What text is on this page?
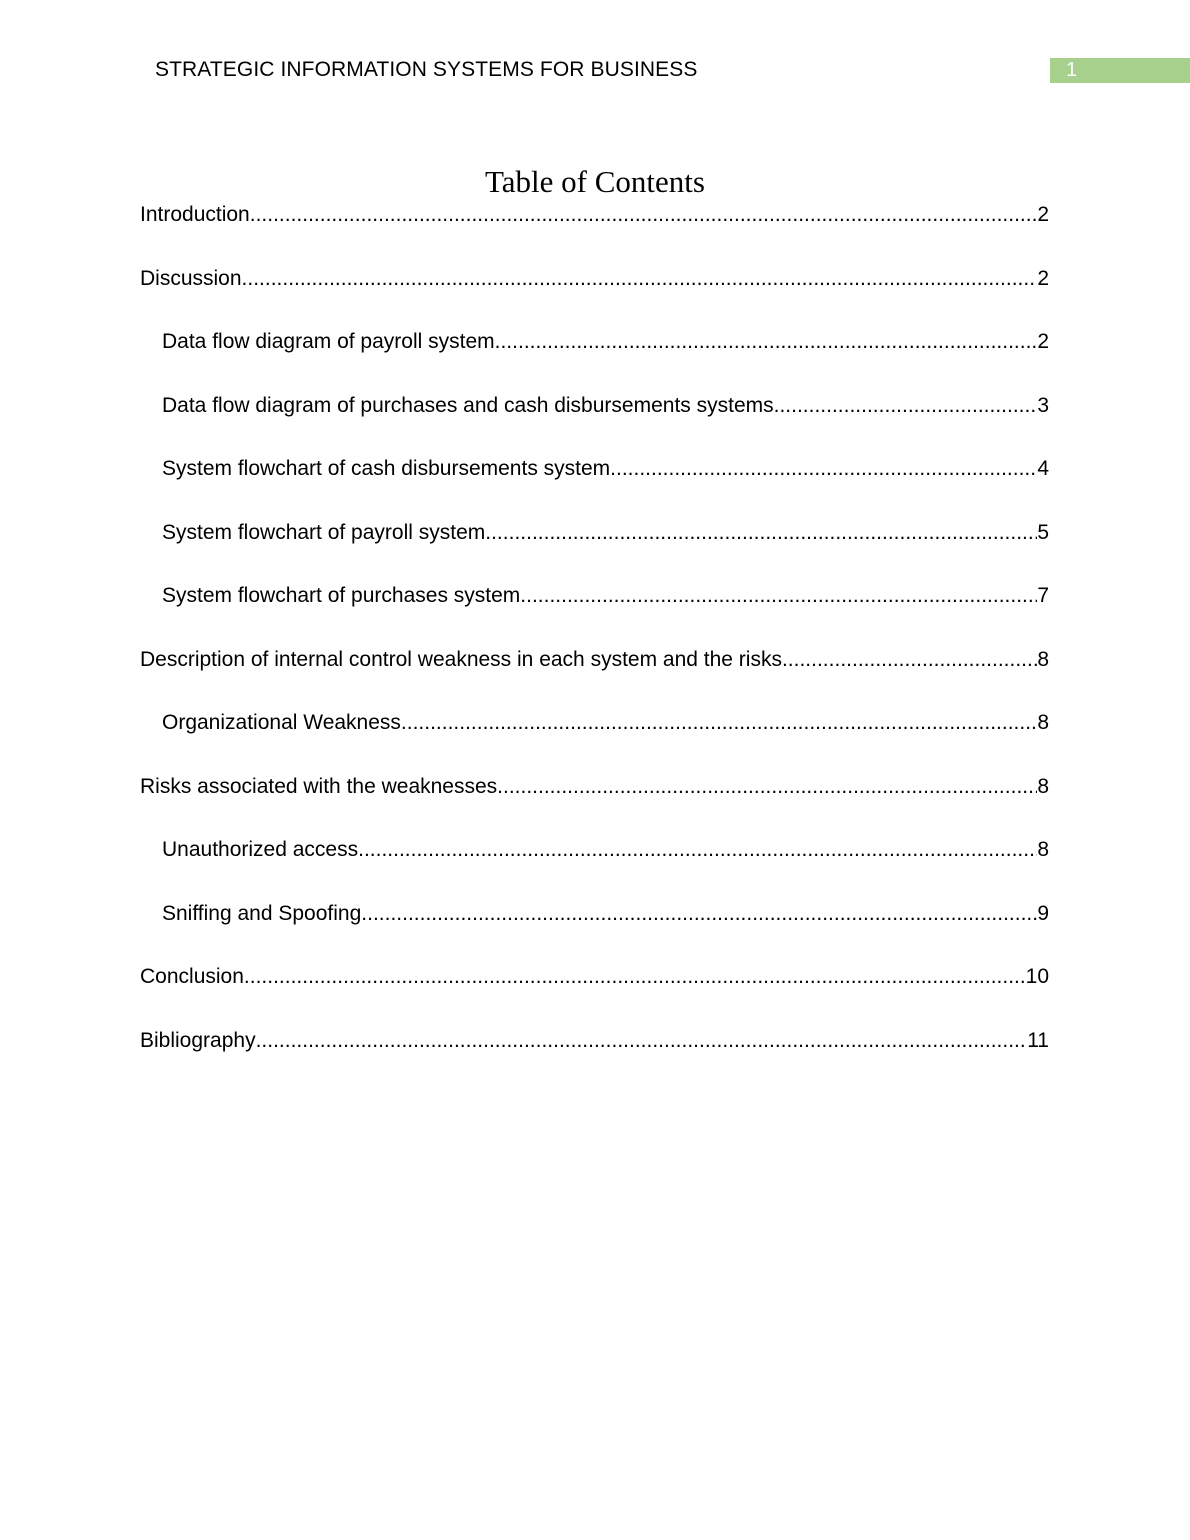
STRATEGIC INFORMATION SYSTEMS FOR BUSINESS	1
Table of Contents
Introduction .....	2
Discussion .....	2
Data flow diagram of payroll system .....	2
Data flow diagram of purchases and cash disbursements systems .....	3
System flowchart of cash disbursements system .....	4
System flowchart of payroll system .....	5
System flowchart of purchases system .....	7
Description of internal control weakness in each system and the risks .....	8
Organizational Weakness .....	8
Risks associated with the weaknesses .....	8
Unauthorized access .....	8
Sniffing and Spoofing .....	9
Conclusion .....	10
Bibliography .....	11
